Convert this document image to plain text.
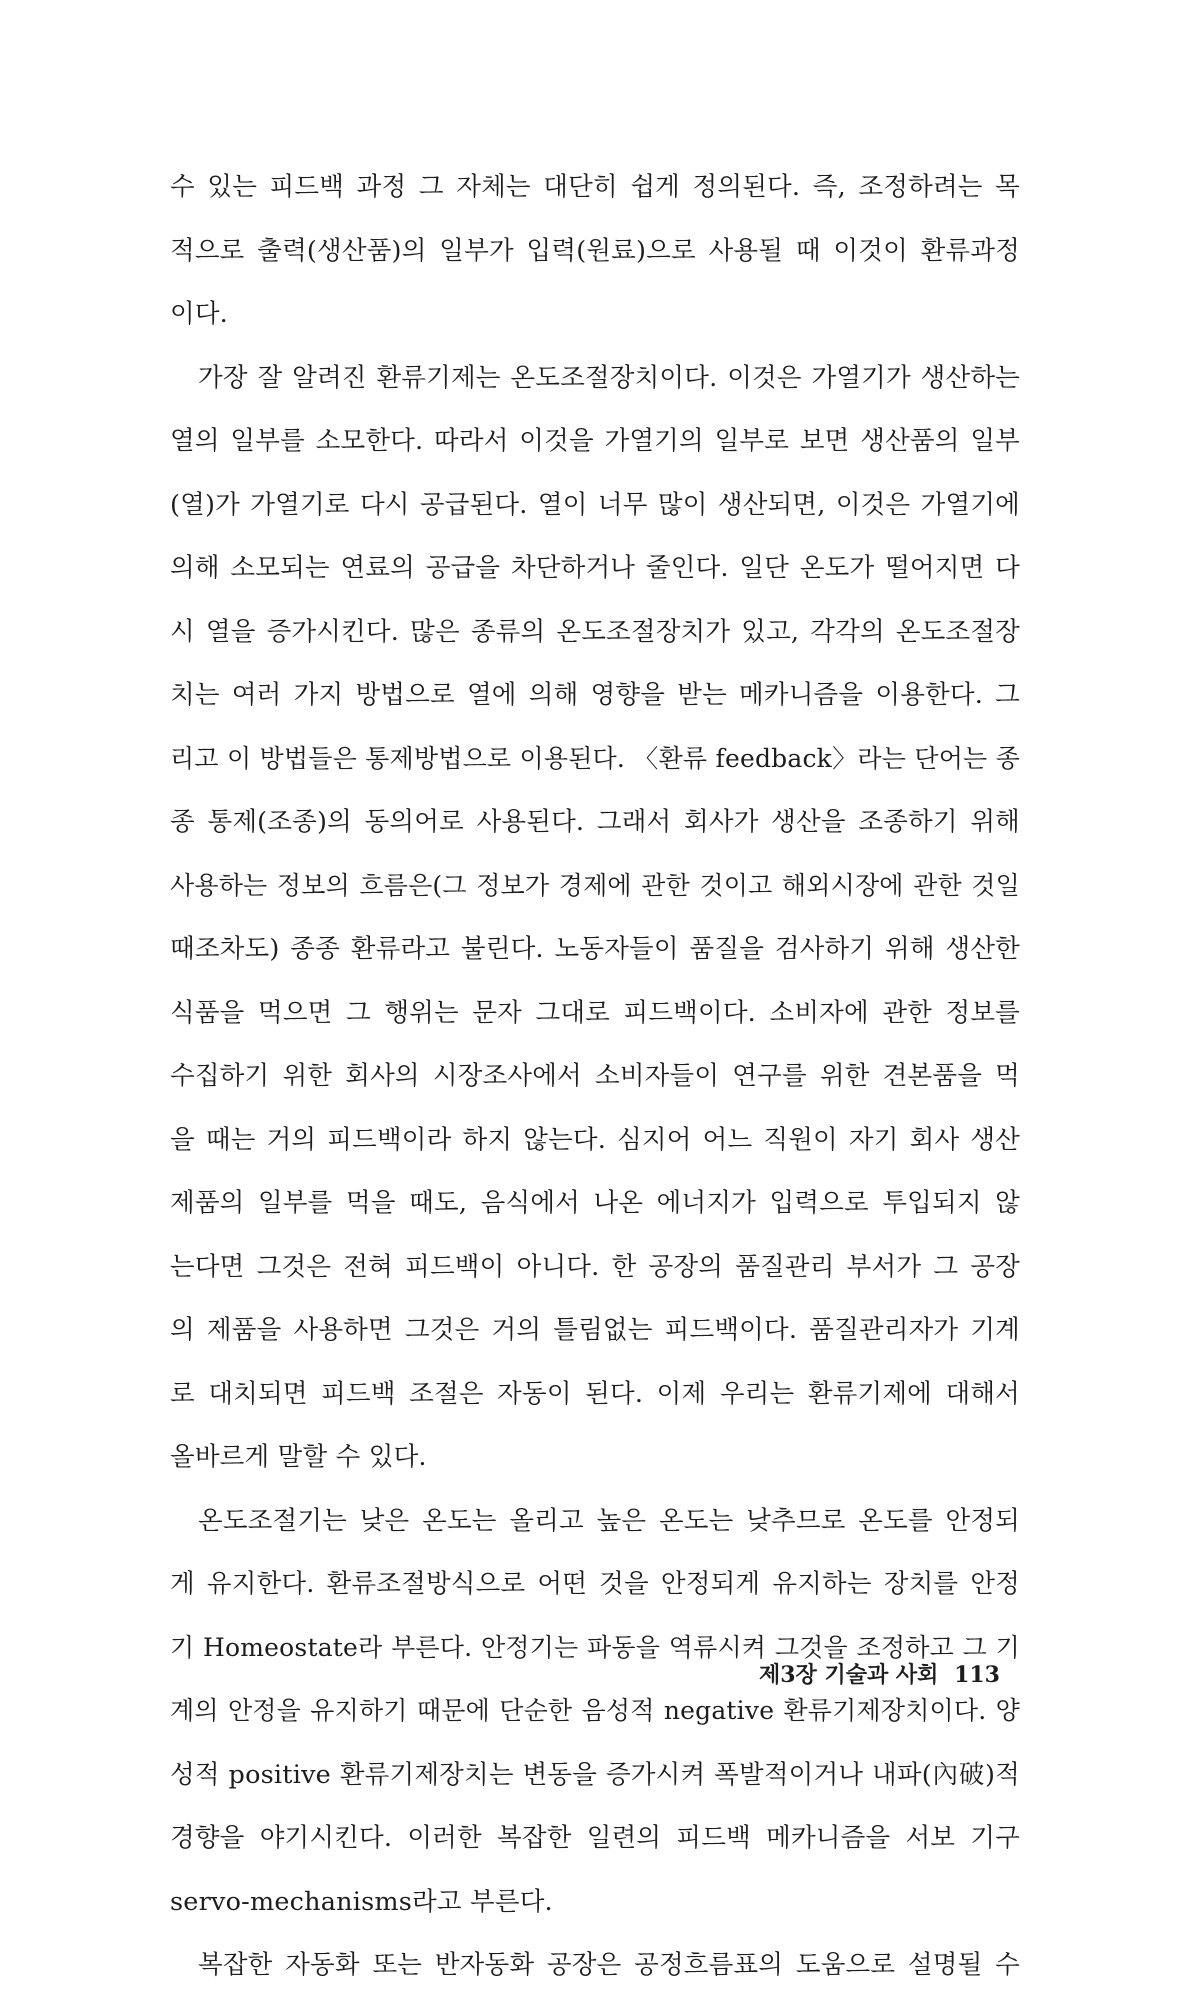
수 있는 피드백 과정 그 자체는 대단히 쉽게 정의된다. 즉, 조정하려는 목
적으로 출력(생산품)의 일부가 입력(원료)으로 사용될 때 이것이 환류과정
이다.
가장 잘 알려진 환류기제는 온도조절장치이다. 이것은 가열기가 생산하는
열의 일부를 소모한다. 따라서 이것을 가열기의 일부로 보면 생산품의 일부
(열)가 가열기로 다시 공급된다. 열이 너무 많이 생산되면, 이것은 가열기에
의해 소모되는 연료의 공급을 차단하거나 줄인다. 일단 온도가 떨어지면 다
시 열을 증가시킨다. 많은 종류의 온도조절장치가 있고, 각각의 온도조절장
치는 여러 가지 방법으로 열에 의해 영향을 받는 메카니즘을 이용한다. 그
리고 이 방법들은 통제방법으로 이용된다. 〈환류 feedback〉라는 단어는 종
종 통제(조종)의 동의어로 사용된다. 그래서 회사가 생산을 조종하기 위해
사용하는 정보의 흐름은(그 정보가 경제에 관한 것이고 해외시장에 관한 것일
때조차도) 종종 환류라고 불린다. 노동자들이 품질을 검사하기 위해 생산한
식품을 먹으면 그 행위는 문자 그대로 피드백이다. 소비자에 관한 정보를
수집하기 위한 회사의 시장조사에서 소비자들이 연구를 위한 견본품을 먹
을 때는 거의 피드백이라 하지 않는다. 심지어 어느 직원이 자기 회사 생산
제품의 일부를 먹을 때도, 음식에서 나온 에너지가 입력으로 투입되지 않
는다면 그것은 전혀 피드백이 아니다. 한 공장의 품질관리 부서가 그 공장
의 제품을 사용하면 그것은 거의 틀림없는 피드백이다. 품질관리자가 기계
로 대치되면 피드백 조절은 자동이 된다. 이제 우리는 환류기제에 대해서
올바르게 말할 수 있다.
온도조절기는 낮은 온도는 올리고 높은 온도는 낮추므로 온도를 안정되
게 유지한다. 환류조절방식으로 어떤 것을 안정되게 유지하는 장치를 안정
기 Homeostate라 부른다. 안정기는 파동을 역류시켜 그것을 조정하고 그 기
계의 안정을 유지하기 때문에 단순한 음성적 negative 환류기제장치이다. 양
성적 positive 환류기제장치는 변동을 증가시켜 폭발적이거나 내파(內破)적
경향을 야기시킨다. 이러한 복잡한 일련의 피드백 메카니즘을 서보 기구
servo-mechanisms라고 부른다.
복잡한 자동화 또는 반자동화 공장은 공정흐름표의 도움으로 설명될 수
제3장 기술과 사회 113
